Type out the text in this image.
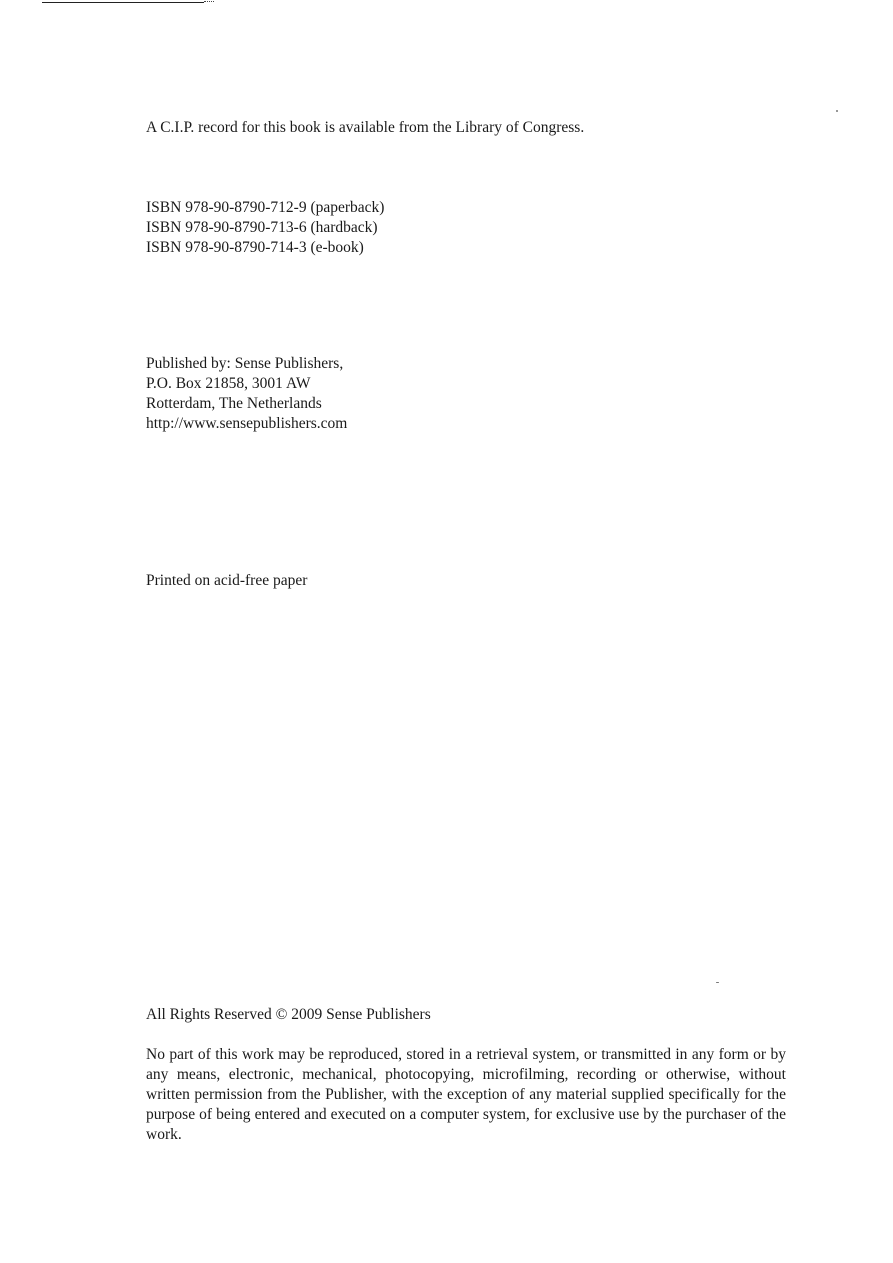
A C.I.P. record for this book is available from the Library of Congress.

ISBN 978-90-8790-712-9 (paperback)
ISBN 978-90-8790-713-6 (hardback)
ISBN 978-90-8790-714-3 (e-book)
Published by: Sense Publishers,
P.O. Box 21858, 3001 AW
Rotterdam, The Netherlands
http://www.sensepublishers.com

Printed on acid-free paper

All Rights Reserved © 2009 Sense Publishers

No part of this work may be reproduced, stored in a retrieval system, or transmitted in any form or by any means, electronic, mechanical, photocopying, microfilming, recording or otherwise, without written permission from the Publisher, with the exception of any material supplied specifically for the purpose of being entered and executed on a computer system, for exclusive use by the purchaser of the work.
